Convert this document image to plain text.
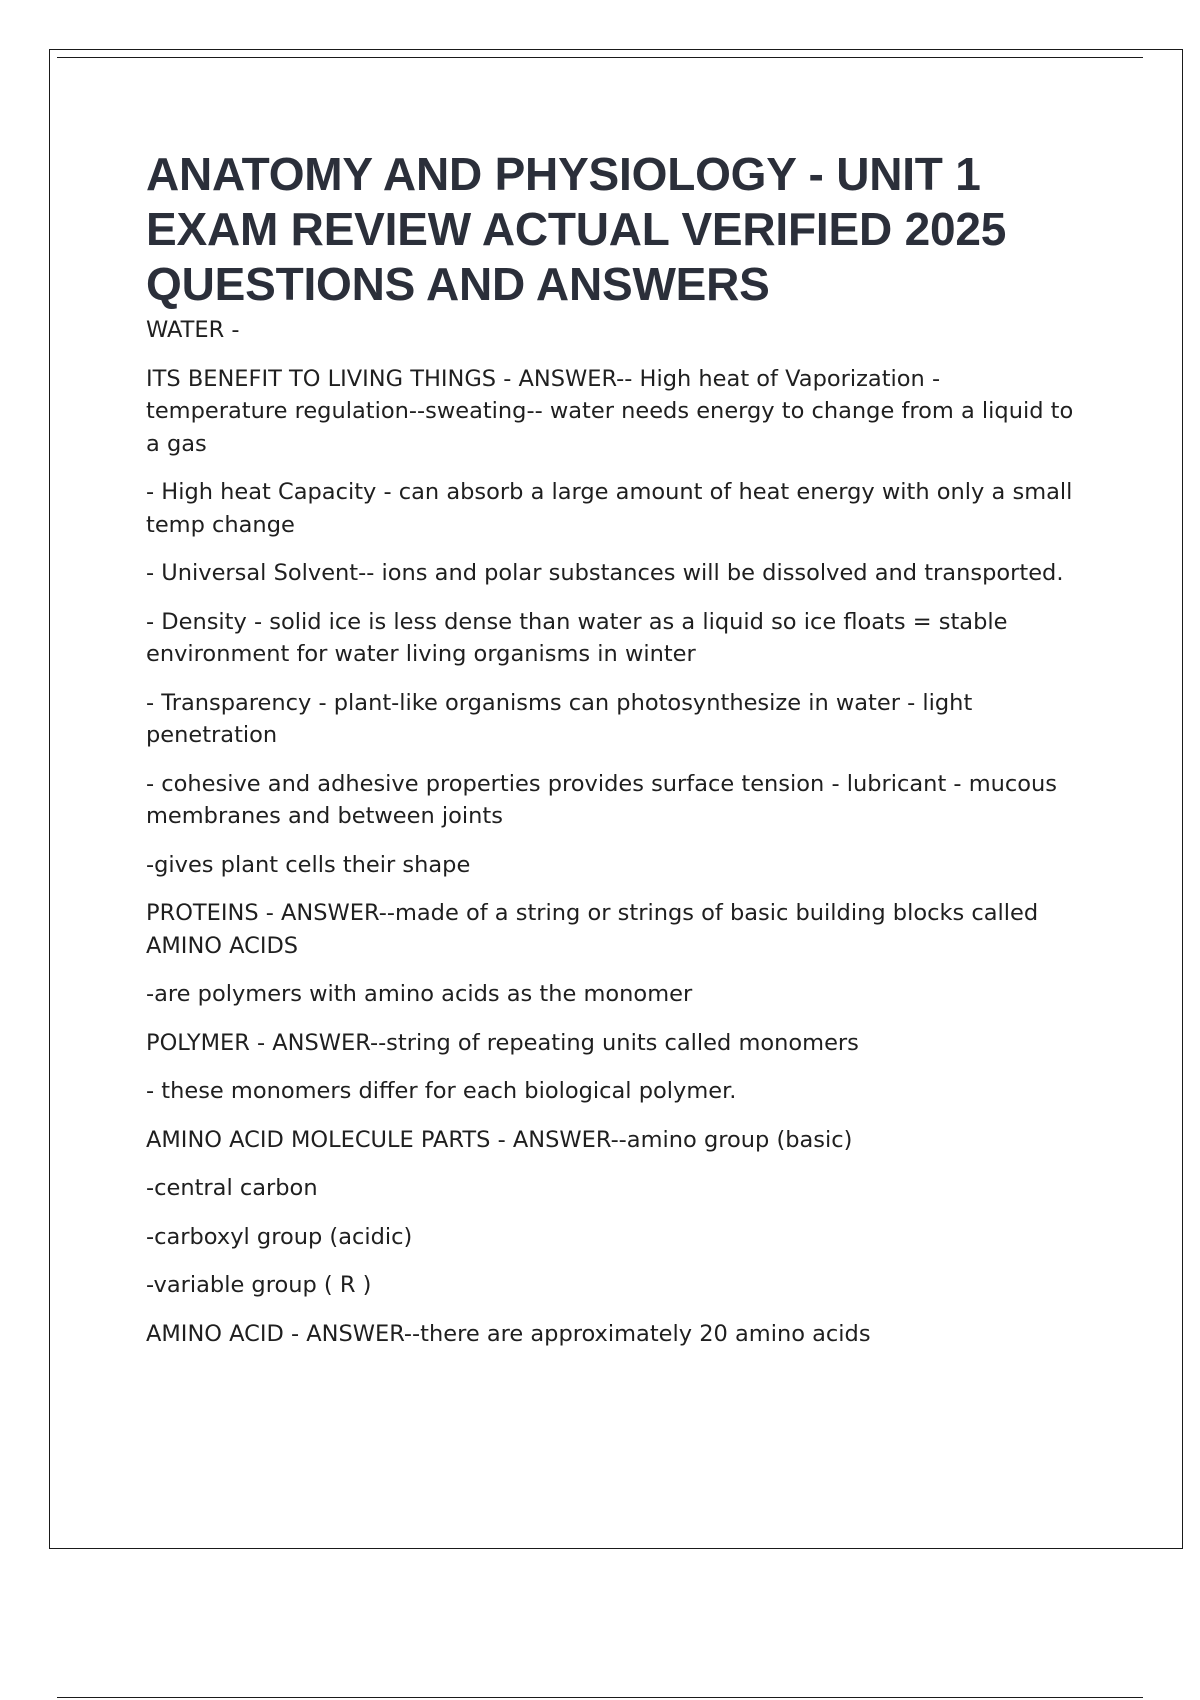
ANATOMY AND PHYSIOLOGY - UNIT 1 EXAM REVIEW ACTUAL VERIFIED 2025 QUESTIONS AND ANSWERS

WATER -

ITS BENEFIT TO LIVING THINGS - ANSWER-- High heat of Vaporization - temperature regulation--sweating-- water needs energy to change from a liquid to a gas

- High heat Capacity - can absorb a large amount of heat energy with only a small temp change

- Universal Solvent-- ions and polar substances will be dissolved and transported.

- Density - solid ice is less dense than water as a liquid so ice floats = stable environment for water living organisms in winter

- Transparency - plant-like organisms can photosynthesize in water - light penetration

- cohesive and adhesive properties provides surface tension - lubricant - mucous membranes and between joints

-gives plant cells their shape

PROTEINS - ANSWER--made of a string or strings of basic building blocks called AMINO ACIDS

-are polymers with amino acids as the monomer

POLYMER - ANSWER--string of repeating units called monomers

- these monomers differ for each biological polymer.

AMINO ACID MOLECULE PARTS - ANSWER--amino group (basic)

-central carbon

-carboxyl group (acidic)

-variable group ( R )

AMINO ACID - ANSWER--there are approximately 20 amino acids
